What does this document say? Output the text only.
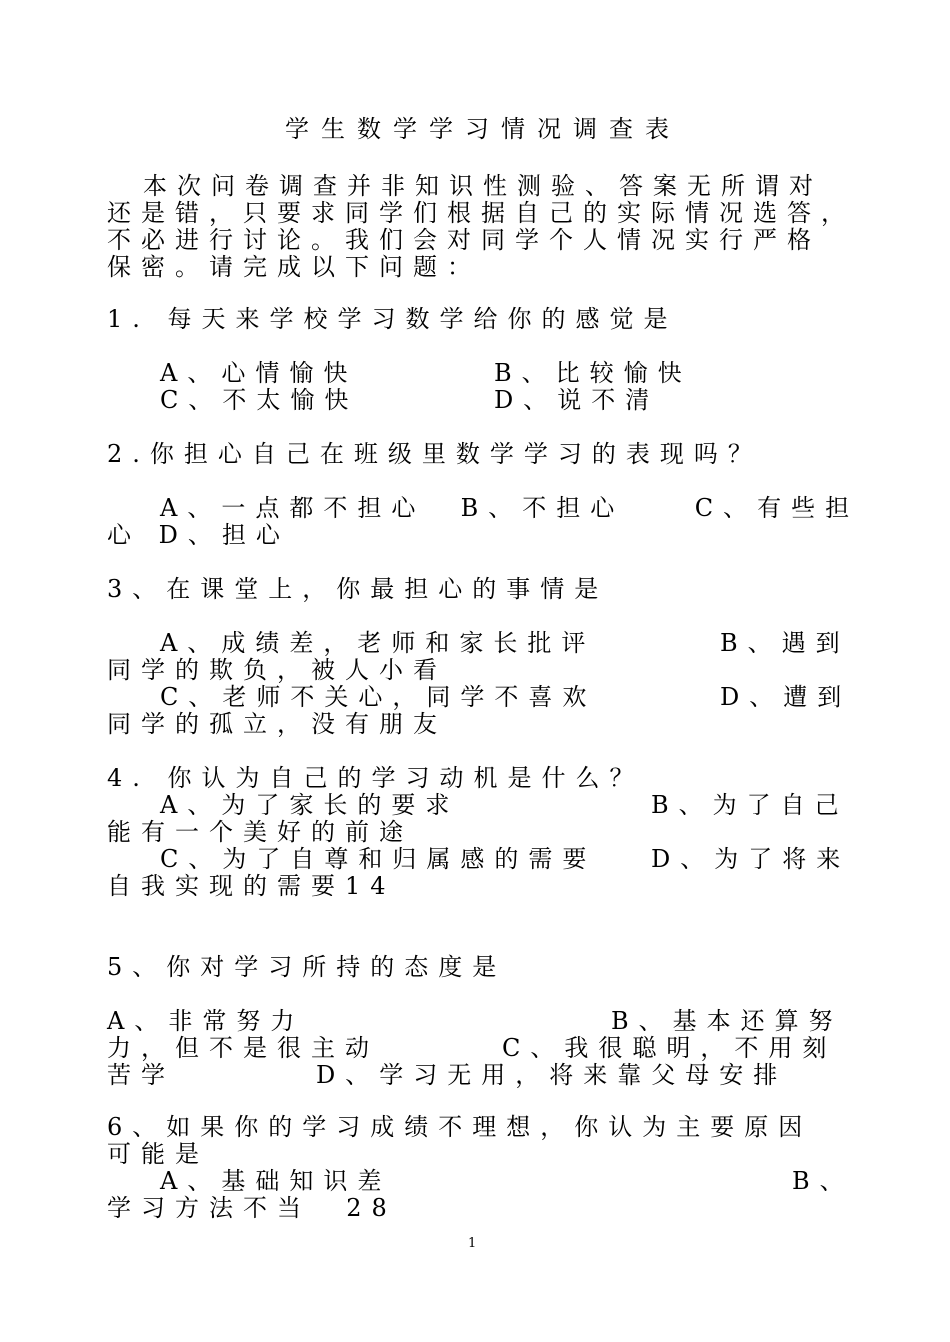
学生数学学习情况调查表
本次问卷调查并非知识性测验、答案无所谓对
还是错，只要求同学们根据自己的实际情况选答，
不必进行讨论。我们会对同学个人情况实行严格
保密。请完成以下问题：
1. 每天来学校学习数学给你的感觉是
A、心情愉快	B、比较愉快
C、不太愉快	D、说不清
2.你担心自己在班级里数学学习的表现吗？
A、一点都不担心  B、不担心    C、有些担
心 D、担心
3、在课堂上，你最担心的事情是
A、成绩差，老师和家长批评	B、遇到
同学的欺负，被人小看
C、老师不关心，同学不喜欢	D、遭到
同学的孤立，没有朋友
4. 你认为自己的学习动机是什么？
A、为了家长的要求	B、为了自己
能有一个美好的前途
C、为了自尊和归属感的需要 D、为了将来
自我实现的需要14
5、你对学习所持的态度是
A、非常努力	B、基本还算努
力，但不是很主动	C、我很聪明，不用刻
苦学	D、学习无用，将来靠父母安排
6、如果你的学习成绩不理想，你认为主要原因
可能是
A、基础知识差	B、
学习方法不当  28
1
